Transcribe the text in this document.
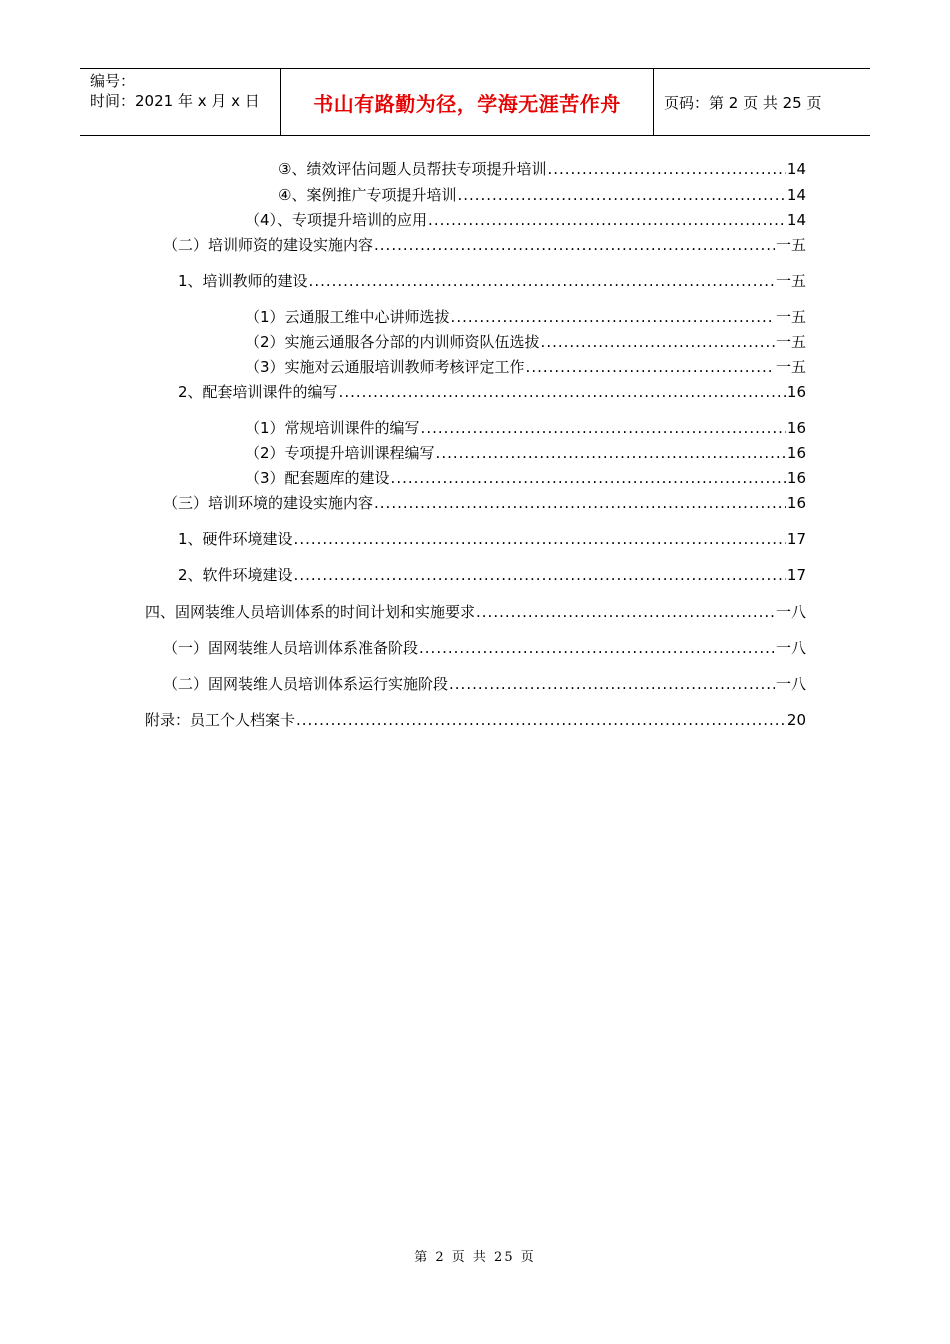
编号：
时间：2021 年 x 月 x 日	书山有路勤为径，学海无涯苦作舟	页码：第 2 页 共 25 页
③、绩效评估问题人员帮扶专项提升培训 .....	14
④、案例推广专项提升培训 .....	14
（4）、专项提升培训的应用 .....	14
（二）培训师资的建设实施内容 .....	一五
1、培训教师的建设 .....	一五
（1）云通服工维中心讲师选拔 .....	一五
（2）实施云通服各分部的内训师资队伍选拔 .....	一五
（3）实施对云通服培训教师考核评定工作 .....	一五
2、配套培训课件的编写 .....	16
（1）常规培训课件的编写 .....	16
（2）专项提升培训课程编写 .....	16
（3）配套题库的建设 .....	16
（三）培训环境的建设实施内容 .....	16
1、硬件环境建设 .....	17
2、软件环境建设 .....	17
四、固网装维人员培训体系的时间计划和实施要求 .....	一八
（一）固网装维人员培训体系准备阶段 .....	一八
（二）固网装维人员培训体系运行实施阶段 .....	一八
附录：员工个人档案卡 .....	20
第 2 页 共 25 页
